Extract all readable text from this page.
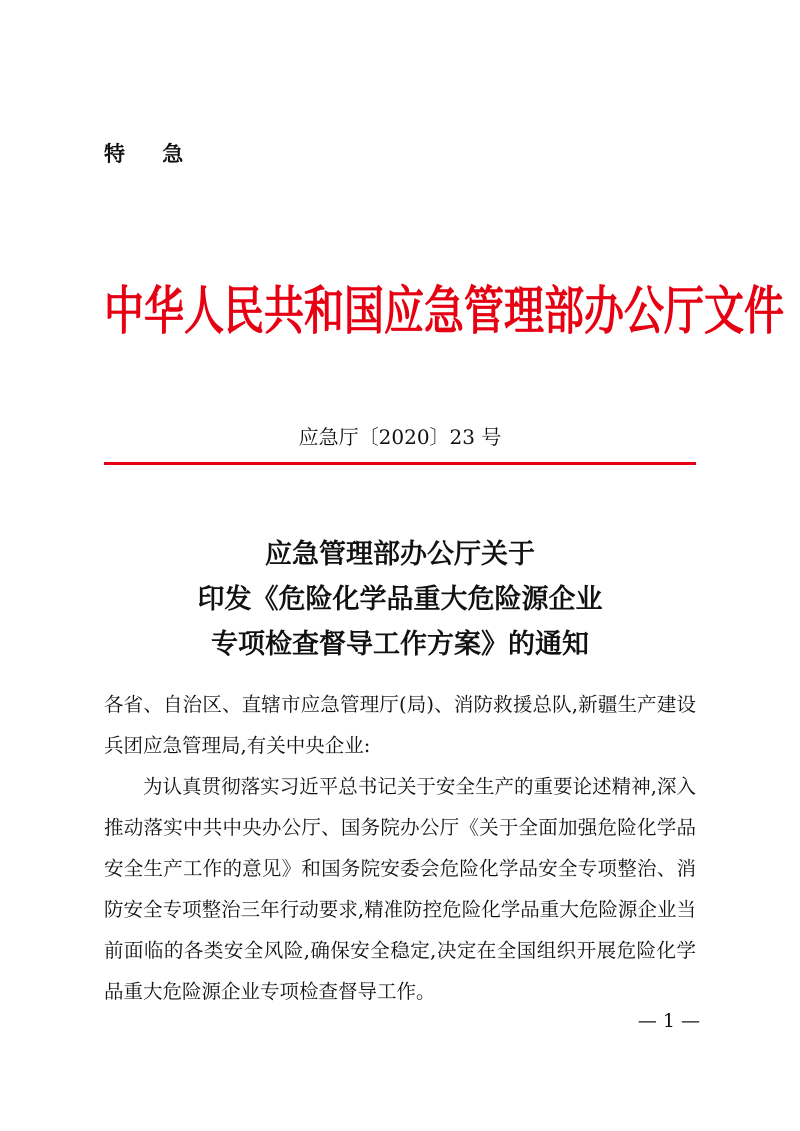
特 急
中华人民共和国应急管理部办公厅文件
应急厅〔2020〕23 号
应急管理部办公厅关于
印发《危险化学品重大危险源企业
专项检查督导工作方案》的通知
各省、自治区、直辖市应急管理厅(局)、消防救援总队,新疆生产建设兵团应急管理局,有关中央企业:
为认真贯彻落实习近平总书记关于安全生产的重要论述精神,深入推动落实中共中央办公厅、国务院办公厅《关于全面加强危险化学品安全生产工作的意见》和国务院安委会危险化学品安全专项整治、消防安全专项整治三年行动要求,精准防控危险化学品重大危险源企业当前面临的各类安全风险,确保安全稳定,决定在全国组织开展危险化学品重大危险源企业专项检查督导工作。
— 1 —
